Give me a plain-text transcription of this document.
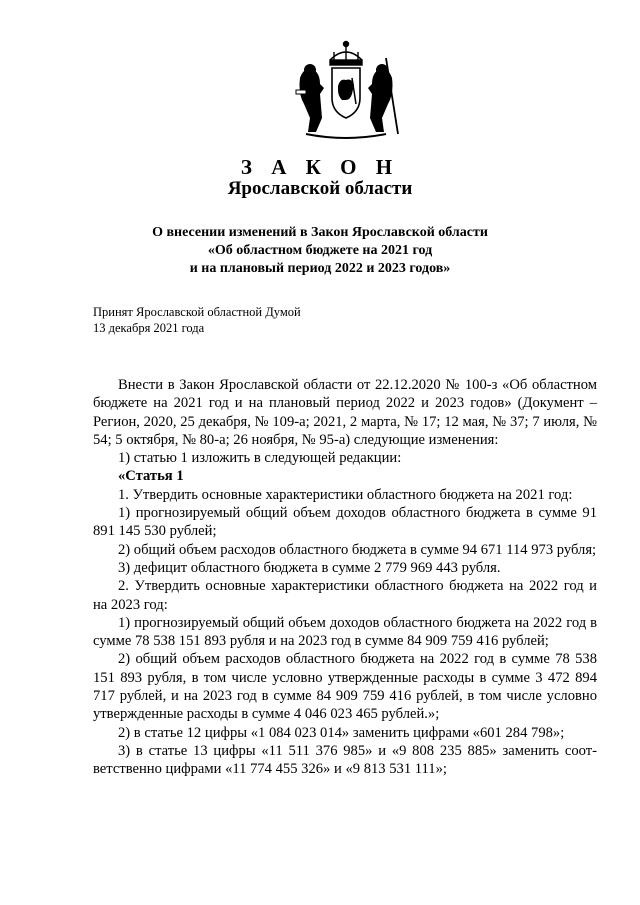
З А К О Н
Ярославской области
О внесении изменений в Закон Ярославской области
«Об областном бюджете на 2021 год
и на плановый период 2022 и 2023 годов»
Принят Ярославской областной Думой
13 декабря 2021 года

Внести в Закон Ярославской области от 22.12.2020 № 100-з «Об областном бюджете на 2021 год и на плановый период 2022 и 2023 годов» (Документ – Регион, 2020, 25 декабря, № 109-а; 2021, 2 марта, № 17; 12 мая, № 37; 7 июля, № 54; 5 октября, № 80-а; 26 ноября, № 95-а) следующие изменения:

1) статью 1 изложить в следующей редакции:

«Статья 1

1. Утвердить основные характеристики областного бюджета на 2021 год:

1) прогнозируемый общий объем доходов областного бюджета в сумме 91 891 145 530 рублей;

2) общий объем расходов областного бюджета в сумме 94 671 114 973 рубля;

3) дефицит областного бюджета в сумме 2 779 969 443 рубля.

2. Утвердить основные характеристики областного бюджета на 2022 год и на 2023 год:

1) прогнозируемый общий объем доходов областного бюджета на 2022 год в сумме 78 538 151 893 рубля и на 2023 год в сумме 84 909 759 416 рублей;

2) общий объем расходов областного бюджета на 2022 год в сумме 78 538 151 893 рубля, в том числе условно утвержденные расходы в сумме 3 472 894 717 рублей, и на 2023 год в сумме 84 909 759 416 рублей, в том числе условно утвержденные расходы в сумме 4 046 023 465 рублей.»;

2) в статье 12 цифры «1 084 023 014» заменить цифрами «601 284 798»;

3) в статье 13 цифры «11 511 376 985» и «9 808 235 885» заменить соответственно цифрами «11 774 455 326» и «9 813 531 111»;
